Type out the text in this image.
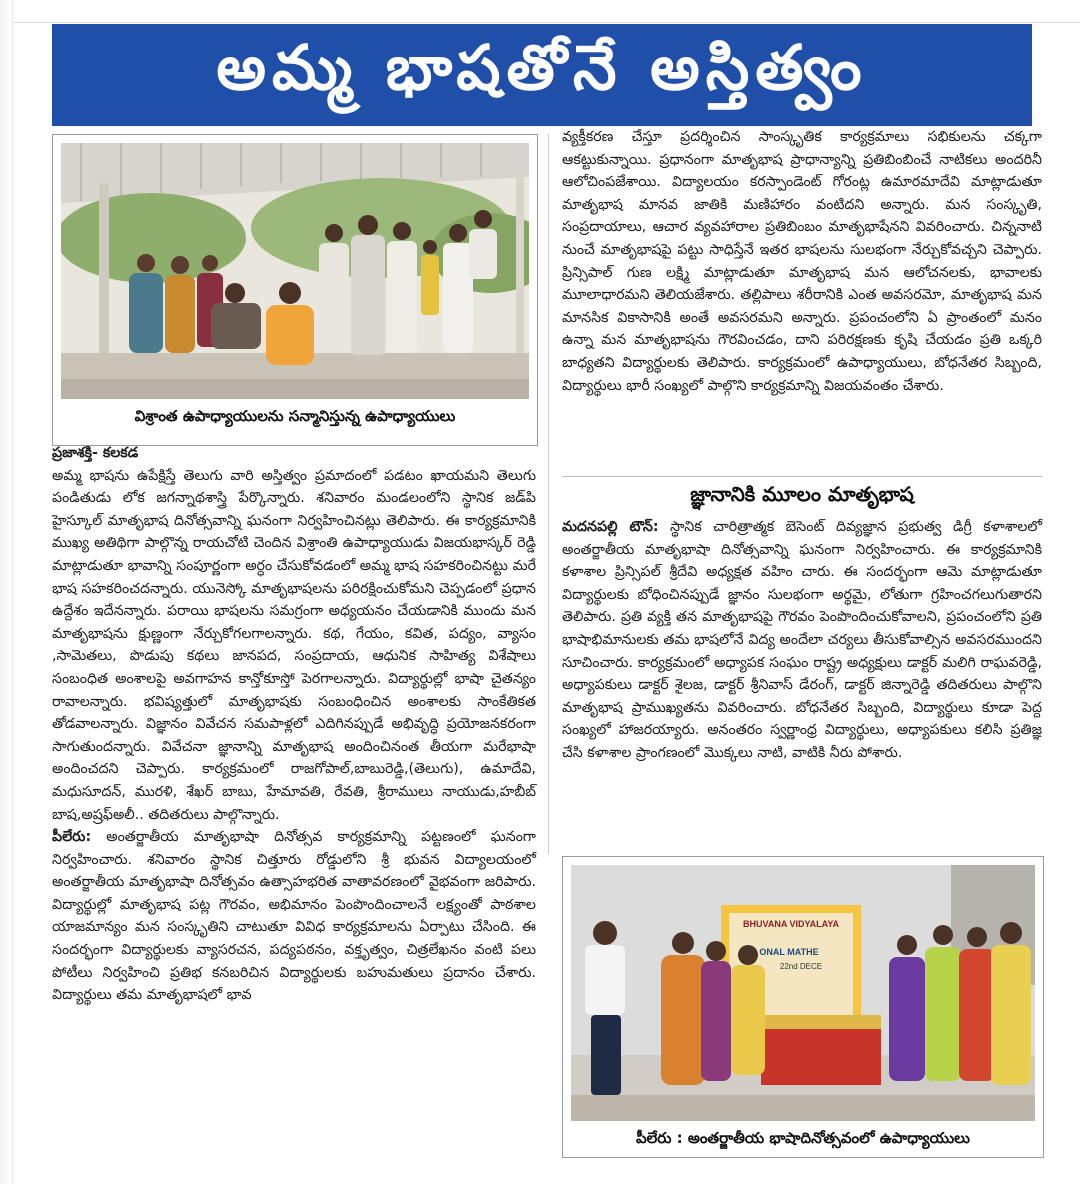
అమ్మ భాషతోనే అస్తిత్వం
విశ్రాంత ఉపాధ్యాయులను సన్మానిస్తున్న ఉపాధ్యాయులు

ప్రజాశక్తి- కలకడ

అమ్మ భాషను ఉపేక్షిస్తే తెలుగు వారి అస్తిత్వం ప్రమాదంలో పడటం ఖాయమని తెలుగు పండితుడు లోక జగన్నాథశాస్త్రి పేర్కొన్నారు. శనివారం మండలంలోని స్థానిక జడ్‌పి హైస్కూల్ మాతృభాష దినోత్సవాన్ని ఘనంగా నిర్వహించినట్లు తెలిపారు. ఈ కార్యక్రమానికి ముఖ్య అతిథిగా పాల్గొన్న రాయచోటి చెందిన విశ్రాంతి ఉపాధ్యాయుడు విజయభాస్కర్ రెడ్డి మాట్లాడుతూ భావాన్ని సంపూర్ణంగా అర్ధం చేసుకోవడంలో అమ్మ భాష సహకరించినట్టు మరే భాష సహకరించదన్నారు. యునెస్కో మాతృభాషలను పరిరక్షించుకోమని చెప్పడంలో ప్రధాన ఉద్దేశం ఇదేనన్నారు. పరాయి భాషలను సమగ్రంగా అధ్యయనం చేయడానికి ముందు మన మాతృభాషను క్షుణ్ణంగా నేర్చుకోగలగాలన్నారు. కథ, గేయం, కవిత, పద్యం, వ్యాసం ,సామెతలు, పొడుపు కథలు జానపద, సంప్రదాయ, ఆధునిక సాహిత్య విశేషాలు సంబంధిత అంశాలపై అవగాహన కాన్తోకూస్తో పెరగాలన్నారు. విద్యార్థుల్లో భాషా చైతన్యం రావాలన్నారు. భవిష్యత్తులో మాతృభాషకు సంబంధించిన అంశాలకు సాంకేతికత తోడవాలన్నారు. విజ్ఞానం వివేచన సమపాళ్లలో ఎదిగినప్పుడే అభివృద్ధి ప్రయోజనకరంగా సాగుతుందన్నారు. వివేచనా జ్ఞానాన్ని మాతృభాష అందించినంత తీయగా మరేభాషా అందించదని చెప్పారు. కార్యక్రమంలో రాజగోపాల్,బాబురెడ్డి,(తెలుగు), ఉమాదేవి, మధుసూదన్, మురళి, శేఖర్ బాబు, హేమావతి, రేవతి, శ్రీరాములు నాయుడు,హబీబ్ బాష,అష్రఫ్అలీ.. తదితరులు పాల్గొన్నారు.

పీలేరు: అంతర్జాతీయ మాతృభాషా దినోత్సవ కార్యక్రమాన్ని పట్టణంలో ఘనంగా నిర్వహించారు. శనివారం స్థానిక చిత్తూరు రోడ్డులోని శ్రీ భువన విద్యాలయంలో అంతర్జాతీయ మాతృభాషా దినోత్సవం ఉత్సాహభరిత వాతావరణంలో వైభవంగా జరిపారు. విద్యార్థుల్లో మాతృభాష పట్ల గౌరవం, అభిమానం పెంపొందించాలనే లక్ష్యంతో పాఠశాల యాజమాన్యం మన సంస్కృతిని చాటుతూ వివిధ కార్యక్రమాలను ఏర్పాటు చేసింది. ఈ సందర్భంగా విద్యార్థులకు వ్యాసరచన, పద్యపఠనం, వక్తృత్వం, చిత్రలేఖనం వంటి పలు పోటీలు నిర్వహించి ప్రతిభ కనబరిచిన విద్యార్థులకు బహుమతులు ప్రదానం చేశారు. విద్యార్థులు తమ మాతృభాషలో భావ

వ్యక్తీకరణ చేస్తూ ప్రదర్శించిన సాంస్కృతిక కార్యక్రమాలు సభికులను చక్కగా ఆకట్టుకున్నాయి. ప్రధానంగా మాతృభాష ప్రాధాన్యాన్ని ప్రతిబింబించే నాటికలు అందరినీ ఆలోచింపజేశాయి. విద్యాలయం కరస్పాండెంట్ గోరంట్ల ఉమారమాదేవి మాట్లాడుతూ మాతృభాష మానవ జాతికి మణిహారం వంటిదని అన్నారు. మన సంస్కృతి, సంప్రదాయాలు, ఆచార వ్యవహారాల ప్రతిబింబం మాతృభాషేనని వివరించారు. చిన్ననాటి నుంచే మాతృభాషపై పట్టు సాధిస్తేనే ఇతర భాషలను సులభంగా నేర్చుకోవచ్చని చెప్పారు. ప్రిన్సిపాల్ గుణ లక్ష్మి మాట్లాడుతూ మాతృభాష మన ఆలోచనలకు, భావాలకు మూలాధారమని తెలియజేశారు. తల్లిపాలు శరీరానికి ఎంత అవసరమో, మాతృభాష మన మానసిక వికాసానికి అంతే అవసరమని అన్నారు. ప్రపంచంలోని ఏ ప్రాంతంలో మనం ఉన్నా మన మాతృభాషను గౌరవించడం, దాని పరిరక్షణకు కృషి చేయడం ప్రతి ఒక్కరి బాధ్యతని విద్యార్థులకు తెలిపారు. కార్యక్రమంలో ఉపాధ్యాయులు, బోధనేతర సిబ్బంది, విద్యార్థులు భారీ సంఖ్యలో పాల్గొని కార్యక్రమాన్ని విజయవంతం చేశారు.

జ్ఞానానికి మూలం మాతృభాష

మదనపల్లి టౌన్: స్థానిక చారిత్రాత్మక బెసెంట్ దివ్యజ్ఞాన ప్రభుత్వ డిగ్రీ కళాశాలలో అంతర్జాతీయ మాతృభాషా దినోత్సవాన్ని ఘనంగా నిర్వహించారు. ఈ కార్యక్రమానికి కళాశాల ప్రిన్సిపల్ శ్రీదేవి అధ్యక్షత వహిం చారు. ఈ సందర్భంగా ఆమె మాట్లాడుతూ విద్యార్థులకు బోధించినప్పుడే జ్ఞానం సులభంగా అర్థమై, లోతుగా గ్రహించగలుగుతారని తెలిపారు. ప్రతి వ్యక్తి తన మాతృభాషపై గౌరవం పెంపొందించుకోవాలని, ప్రపంచంలోని ప్రతి భాషాభిమానులకు తమ భాషలోనే విద్య అందేలా చర్యలు తీసుకోవాల్సిన అవసరముందని సూచించారు. కార్యక్రమంలో అధ్యాపక సంఘం రాష్ట్ర అధ్యక్షులు డాక్టర్ మలిగి రాఘవరెడ్డి, అధ్యాపకులు డాక్టర్ శైలజ, డాక్టర్ శ్రీనివాస్ డేరంగ్, డాక్టర్ జిన్నారెడ్డి తదితరులు పాల్గొని మాతృభాష ప్రాముఖ్యతను వివరించారు. బోధనేతర సిబ్బంది, విద్యార్థులు కూడా పెద్ద సంఖ్యలో హాజరయ్యారు. అనంతరం స్వర్ణాంధ్ర విద్యార్థులు, అధ్యాపకులు కలిసి ప్రతిజ్ఞ చేసి కళాశాల ప్రాంగణంలో మొక్కలు నాటి, వాటికి నీరు పోశారు.

BHUVANA VIDYALAYA
ONAL MATHE
22nd DECE
పీలేరు : అంతర్జాతీయ భాషాదినోత్సవంలో ఉపాధ్యాయులు
